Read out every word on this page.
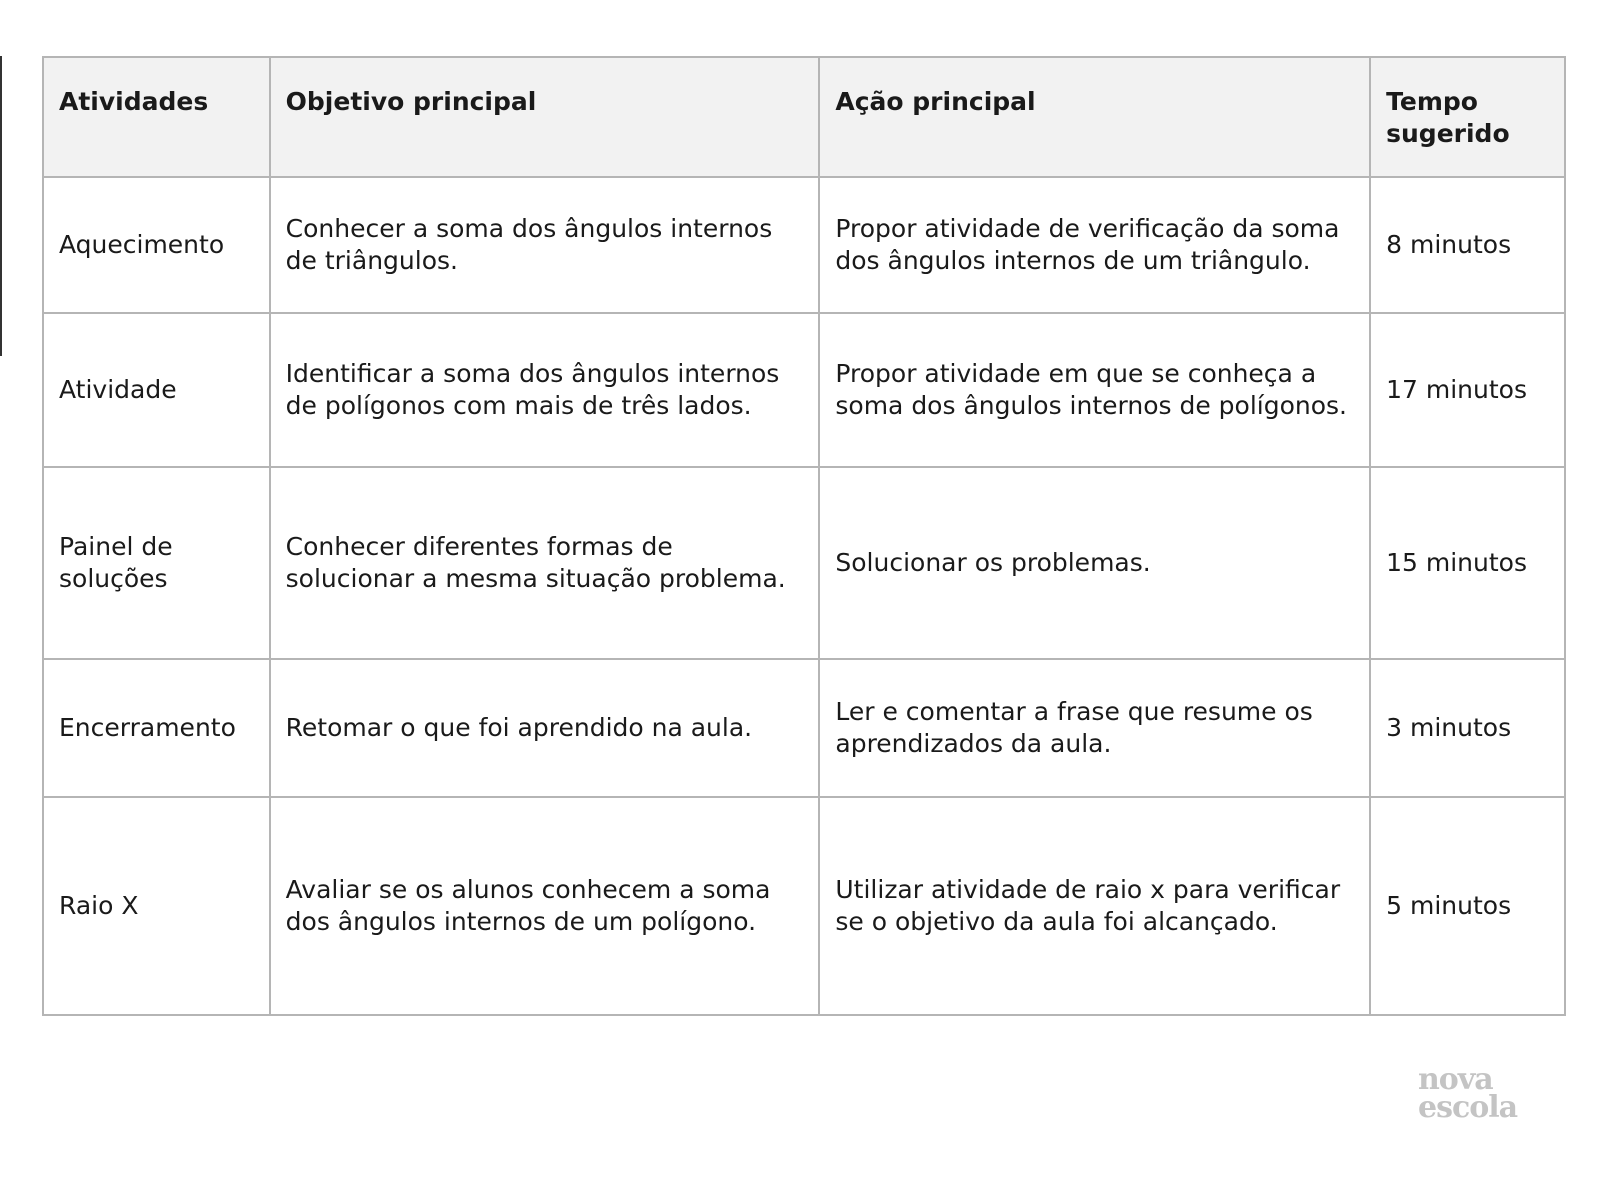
Atividades	Objetivo principal	Ação principal	Tempo sugerido
Aquecimento	Conhecer a soma dos ângulos internos de triângulos.	Propor atividade de verificação da soma dos ângulos internos de um triângulo.	8 minutos
Atividade	Identificar a soma dos ângulos internos de polígonos com mais de três lados.	Propor atividade em que se conheça a soma dos ângulos internos de polígonos.	17 minutos
Painel de soluções	Conhecer diferentes formas de solucionar a mesma situação problema.	Solucionar os problemas.	15 minutos
Encerramento	Retomar o que foi aprendido na aula.	Ler e comentar a frase que resume os aprendizados da aula.	3 minutos
Raio X	Avaliar se os alunos conhecem a soma dos ângulos internos de um polígono.	Utilizar atividade de raio x para verificar se o objetivo da aula foi alcançado.	5 minutos
nova
escola
